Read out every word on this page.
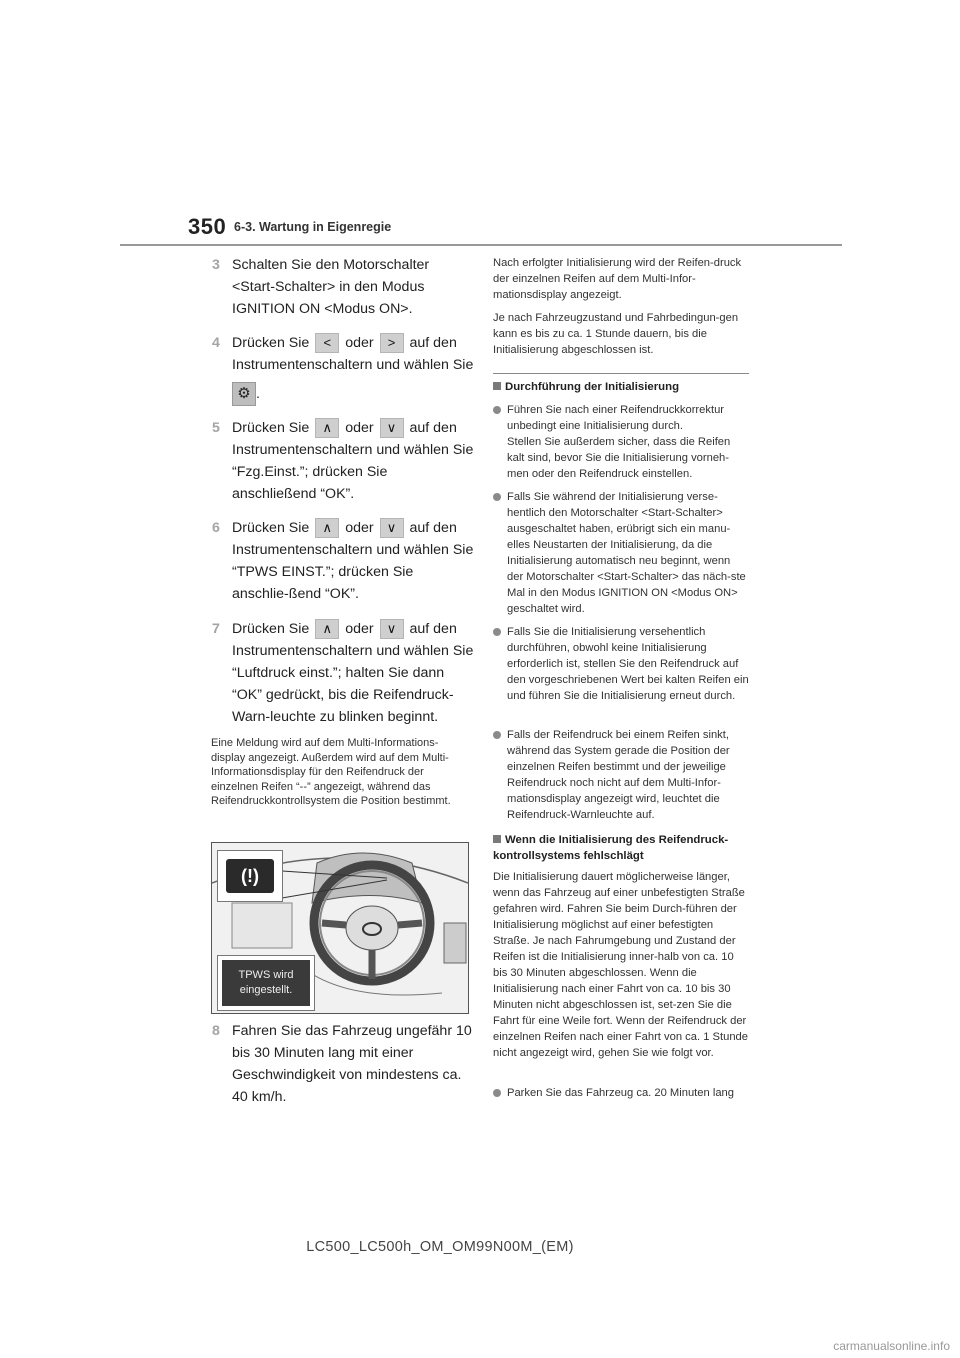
350 6-3. Wartung in Eigenregie
3 Schalten Sie den Motorschalter <Start-Schalter> in den Modus IGNITION ON <Modus ON>.
4 Drücken Sie < oder > auf den Instrumentenschaltern und wählen Sie
⚙ .
5 Drücken Sie ∧ oder ∨ auf den Instrumentenschaltern und wählen Sie “Fzg.Einst.”; drücken Sie anschließend “OK”.
6 Drücken Sie ∧ oder ∨ auf den Instrumentenschaltern und wählen Sie “TPWS EINST.”; drücken Sie anschlie-ßend “OK”.
7 Drücken Sie ∧ oder ∨ auf den Instrumentenschaltern und wählen Sie “Luftdruck einst.”; halten Sie dann “OK” gedrückt, bis die Reifendruck-Warn-leuchte zu blinken beginnt.
Eine Meldung wird auf dem Multi-Informations-display angezeigt. Außerdem wird auf dem Multi-Informationsdisplay für den Reifendruck der einzelnen Reifen “--” angezeigt, während das Reifendruckkontrollsystem die Position bestimmt.
(!)
TPWS wird
eingestellt.
8 Fahren Sie das Fahrzeug ungefähr 10 bis 30 Minuten lang mit einer Geschwindigkeit von mindestens ca. 40 km/h.
Nach erfolgter Initialisierung wird der Reifen-druck der einzelnen Reifen auf dem Multi-Infor-mationsdisplay angezeigt.
Je nach Fahrzeugzustand und Fahrbedingun-gen kann es bis zu ca. 1 Stunde dauern, bis die Initialisierung abgeschlossen ist.
Durchführung der Initialisierung
Führen Sie nach einer Reifendruckkorrektur unbedingt eine Initialisierung durch.
Stellen Sie außerdem sicher, dass die Reifen kalt sind, bevor Sie die Initialisierung vorneh-men oder den Reifendruck einstellen.
Falls Sie während der Initialisierung verse-hentlich den Motorschalter <Start-Schalter> ausgeschaltet haben, erübrigt sich ein manu-elles Neustarten der Initialisierung, da die Initialisierung automatisch neu beginnt, wenn der Motorschalter <Start-Schalter> das näch-ste Mal in den Modus IGNITION ON <Modus ON> geschaltet wird.
Falls Sie die Initialisierung versehentlich durchführen, obwohl keine Initialisierung erforderlich ist, stellen Sie den Reifendruck auf den vorgeschriebenen Wert bei kalten Reifen ein und führen Sie die Initialisierung erneut durch.
Falls der Reifendruck bei einem Reifen sinkt, während das System gerade die Position der einzelnen Reifen bestimmt und der jeweilige Reifendruck noch nicht auf dem Multi-Infor-mationsdisplay angezeigt wird, leuchtet die Reifendruck-Warnleuchte auf.
Wenn die Initialisierung des Reifendruck-kontrollsystems fehlschlägt
Die Initialisierung dauert möglicherweise länger, wenn das Fahrzeug auf einer unbefestigten Straße gefahren wird. Fahren Sie beim Durch-führen der Initialisierung möglichst auf einer befestigten Straße. Je nach Fahrumgebung und Zustand der Reifen ist die Initialisierung inner-halb von ca. 10 bis 30 Minuten abgeschlossen. Wenn die Initialisierung nach einer Fahrt von ca. 10 bis 30 Minuten nicht abgeschlossen ist, set-zen Sie die Fahrt für eine Weile fort. Wenn der Reifendruck der einzelnen Reifen nach einer Fahrt von ca. 1 Stunde nicht angezeigt wird, gehen Sie wie folgt vor.
Parken Sie das Fahrzeug ca. 20 Minuten lang
LC500_LC500h_OM_OM99N00M_(EM)
carmanualsonline.info
